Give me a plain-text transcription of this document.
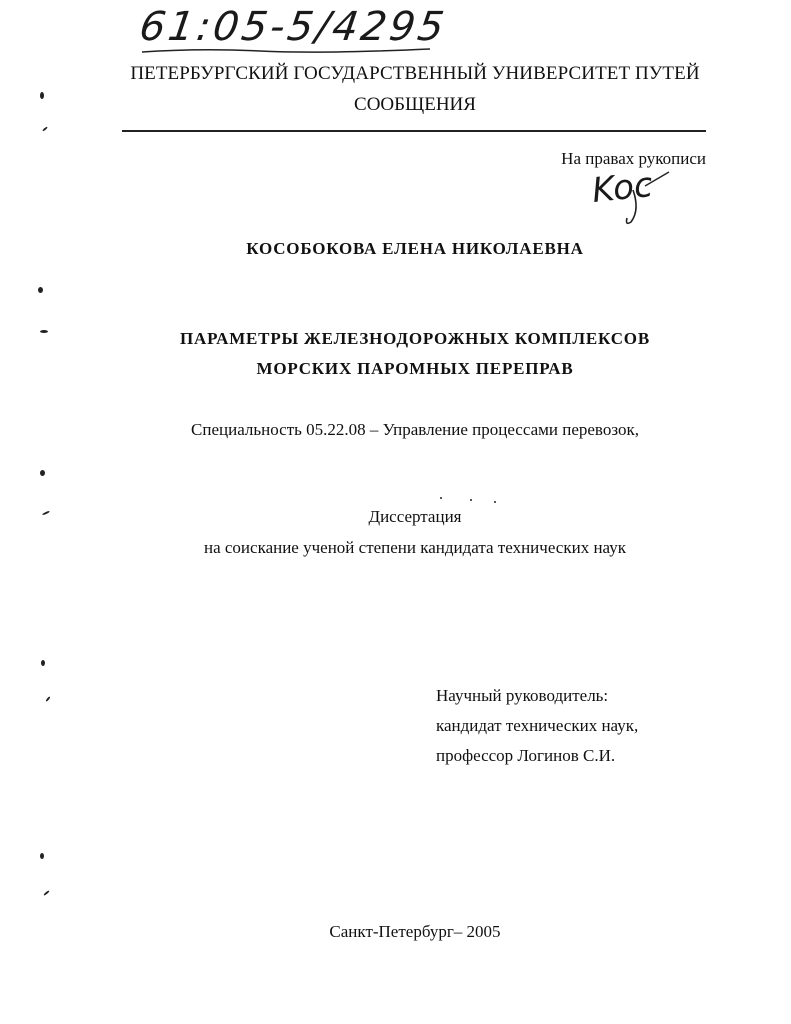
61:05-5/4295
ПЕТЕРБУРГСКИЙ ГОСУДАРСТВЕННЫЙ УНИВЕРСИТЕТ ПУТЕЙ
СООБЩЕНИЯ
На правах рукописи
Koc
КОСОБОКОВА ЕЛЕНА НИКОЛАЕВНА
ПАРАМЕТРЫ ЖЕЛЕЗНОДОРОЖНЫХ КОМПЛЕКСОВ
МОРСКИХ ПАРОМНЫХ ПЕРЕПРАВ
Специальность 05.22.08 – Управление процессами перевозок,
Диссертация
на соискание ученой степени кандидата технических наук
Научный руководитель:
кандидат технических наук,
профессор Логинов С.И.
Санкт-Петербург– 2005
